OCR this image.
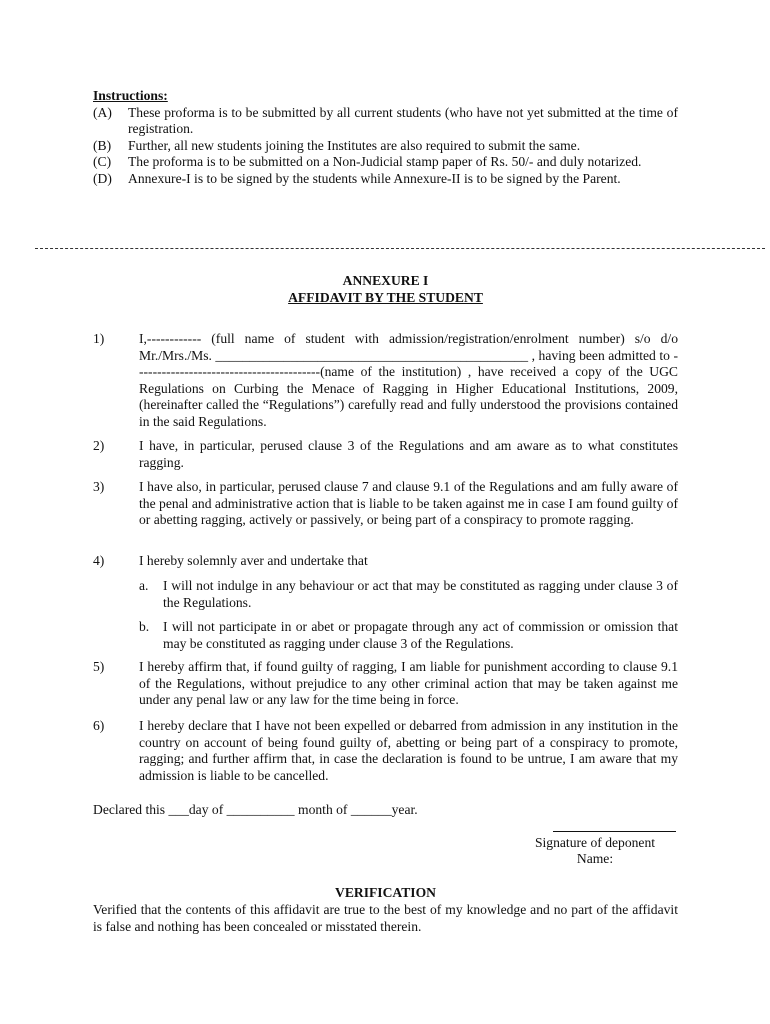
Instructions:
(A)	These proforma is to be submitted by all current students (who have not yet submitted at the time of registration.
(B)	Further, all new students joining the Institutes are also required to submit the same.
(C)	The proforma is to be submitted on a Non-Judicial stamp paper of Rs. 50/- and duly notarized.
(D)	Annexure-I is to be signed by the students while Annexure-II is to be signed by the Parent.
ANNEXURE I
AFFIDAVIT BY THE STUDENT
1)	I,------------ (full name of student with admission/registration/enrolment number) s/o d/o Mr./Mrs./Ms. ______________________________________________ , having been admitted to -----------------------------------------(name of the institution) , have received a copy of the UGC Regulations on Curbing the Menace of Ragging in Higher Educational Institutions, 2009, (hereinafter called the “Regulations”) carefully read and fully understood the provisions contained in the said Regulations.
2)	I have, in particular, perused clause 3 of the Regulations and am aware as to what constitutes ragging.
3)	I have also, in particular, perused clause 7 and clause 9.1 of the Regulations and am fully aware of the penal and administrative action that is liable to be taken against me in case I am found guilty of or abetting ragging, actively or passively, or being part of a conspiracy to promote ragging.
4)	I hereby solemnly aver and undertake that
a.	I will not indulge in any behaviour or act that may be constituted as ragging under clause 3 of the Regulations.
b.	I will not participate in or abet or propagate through any act of commission or omission that may be constituted as ragging under clause 3 of the Regulations.
5)	I hereby affirm that, if found guilty of ragging, I am liable for punishment according to clause 9.1 of the Regulations, without prejudice to any other criminal action that may be taken against me under any penal law or any law for the time being in force.
6)	I hereby declare that I have not been expelled or debarred from admission in any institution in the country on account of being found guilty of, abetting or being part of a conspiracy to promote, ragging; and further affirm that, in case the declaration is found to be untrue, I am aware that my admission is liable to be cancelled.
Declared this ___day of __________ month of ______year.
Signature of deponent
Name:
VERIFICATION
Verified that the contents of this affidavit are true to the best of my knowledge and no part of the affidavit is false and nothing has been concealed or misstated therein.
